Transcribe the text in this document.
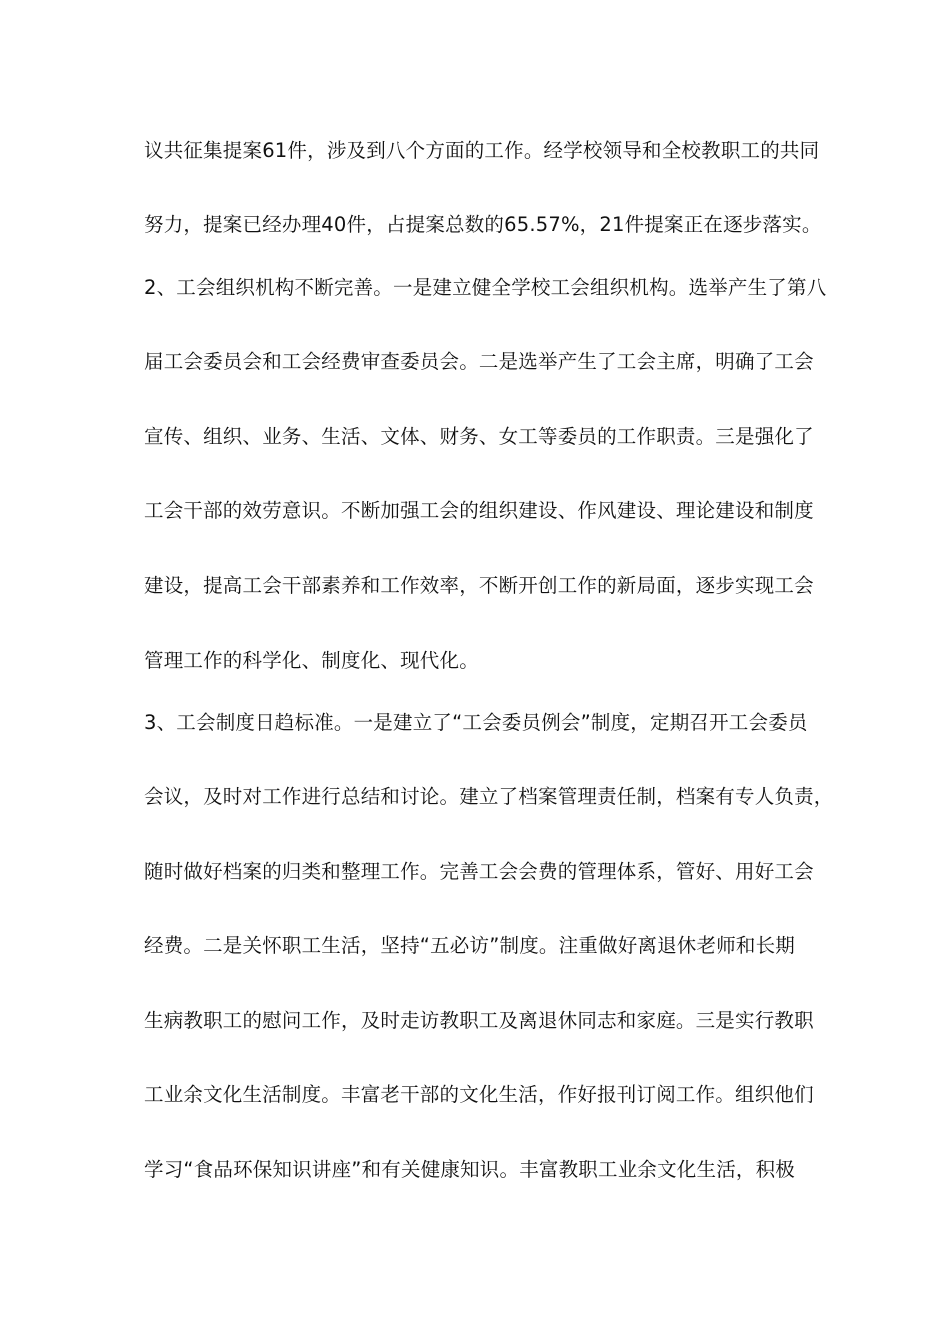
议共征集提案61件，涉及到八个方面的工作。经学校领导和全校教职工的共同
努力，提案已经办理40件，占提案总数的65.57%，21件提案正在逐步落实。
2、工会组织机构不断完善。一是建立健全学校工会组织机构。选举产生了第八
届工会委员会和工会经费审查委员会。二是选举产生了工会主席，明确了工会
宣传、组织、业务、生活、文体、财务、女工等委员的工作职责。三是强化了
工会干部的效劳意识。不断加强工会的组织建设、作风建设、理论建设和制度
建设，提高工会干部素养和工作效率，不断开创工作的新局面，逐步实现工会
管理工作的科学化、制度化、现代化。
3、工会制度日趋标准。一是建立了“工会委员例会”制度，定期召开工会委员
会议，及时对工作进行总结和讨论。建立了档案管理责任制，档案有专人负责，
随时做好档案的归类和整理工作。完善工会会费的管理体系，管好、用好工会
经费。二是关怀职工生活，坚持“五必访”制度。注重做好离退休老师和长期
生病教职工的慰问工作，及时走访教职工及离退休同志和家庭。三是实行教职
工业余文化生活制度。丰富老干部的文化生活，作好报刊订阅工作。组织他们
学习“食品环保知识讲座”和有关健康知识。丰富教职工业余文化生活，积极
